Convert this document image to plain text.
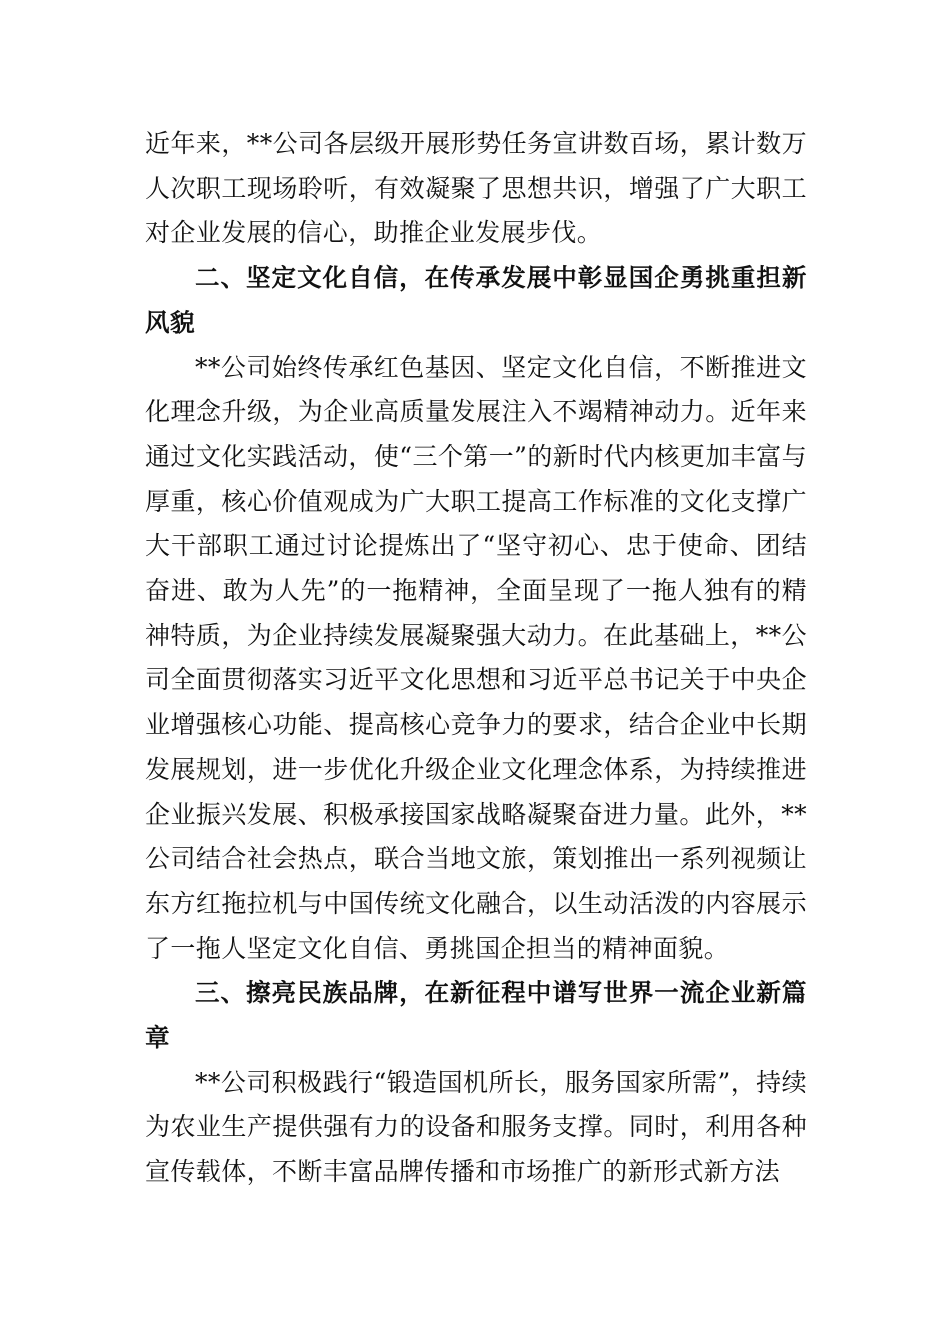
近年来，**公司各层级开展形势任务宣讲数百场，累计数万人次职工现场聆听，有效凝聚了思想共识，增强了广大职工对企业发展的信心，助推企业发展步伐。

二、坚定文化自信，在传承发展中彰显国企勇挑重担新风貌

**公司始终传承红色基因、坚定文化自信，不断推进文化理念升级，为企业高质量发展注入不竭精神动力。近年来通过文化实践活动，使“三个第一”的新时代内核更加丰富与厚重，核心价值观成为广大职工提高工作标准的文化支撑广大干部职工通过讨论提炼出了“坚守初心、忠于使命、团结奋进、敢为人先”的一拖精神，全面呈现了一拖人独有的精神特质，为企业持续发展凝聚强大动力。在此基础上，**公司全面贯彻落实习近平文化思想和习近平总书记关于中央企业增强核心功能、提高核心竞争力的要求，结合企业中长期发展规划，进一步优化升级企业文化理念体系，为持续推进企业振兴发展、积极承接国家战略凝聚奋进力量。此外，**公司结合社会热点，联合当地文旅，策划推出一系列视频让东方红拖拉机与中国传统文化融合，以生动活泼的内容展示了一拖人坚定文化自信、勇挑国企担当的精神面貌。

三、擦亮民族品牌，在新征程中谱写世界一流企业新篇章

**公司积极践行“锻造国机所长，服务国家所需”，持续为农业生产提供强有力的设备和服务支撑。同时，利用各种宣传载体，不断丰富品牌传播和市场推广的新形式新方法
